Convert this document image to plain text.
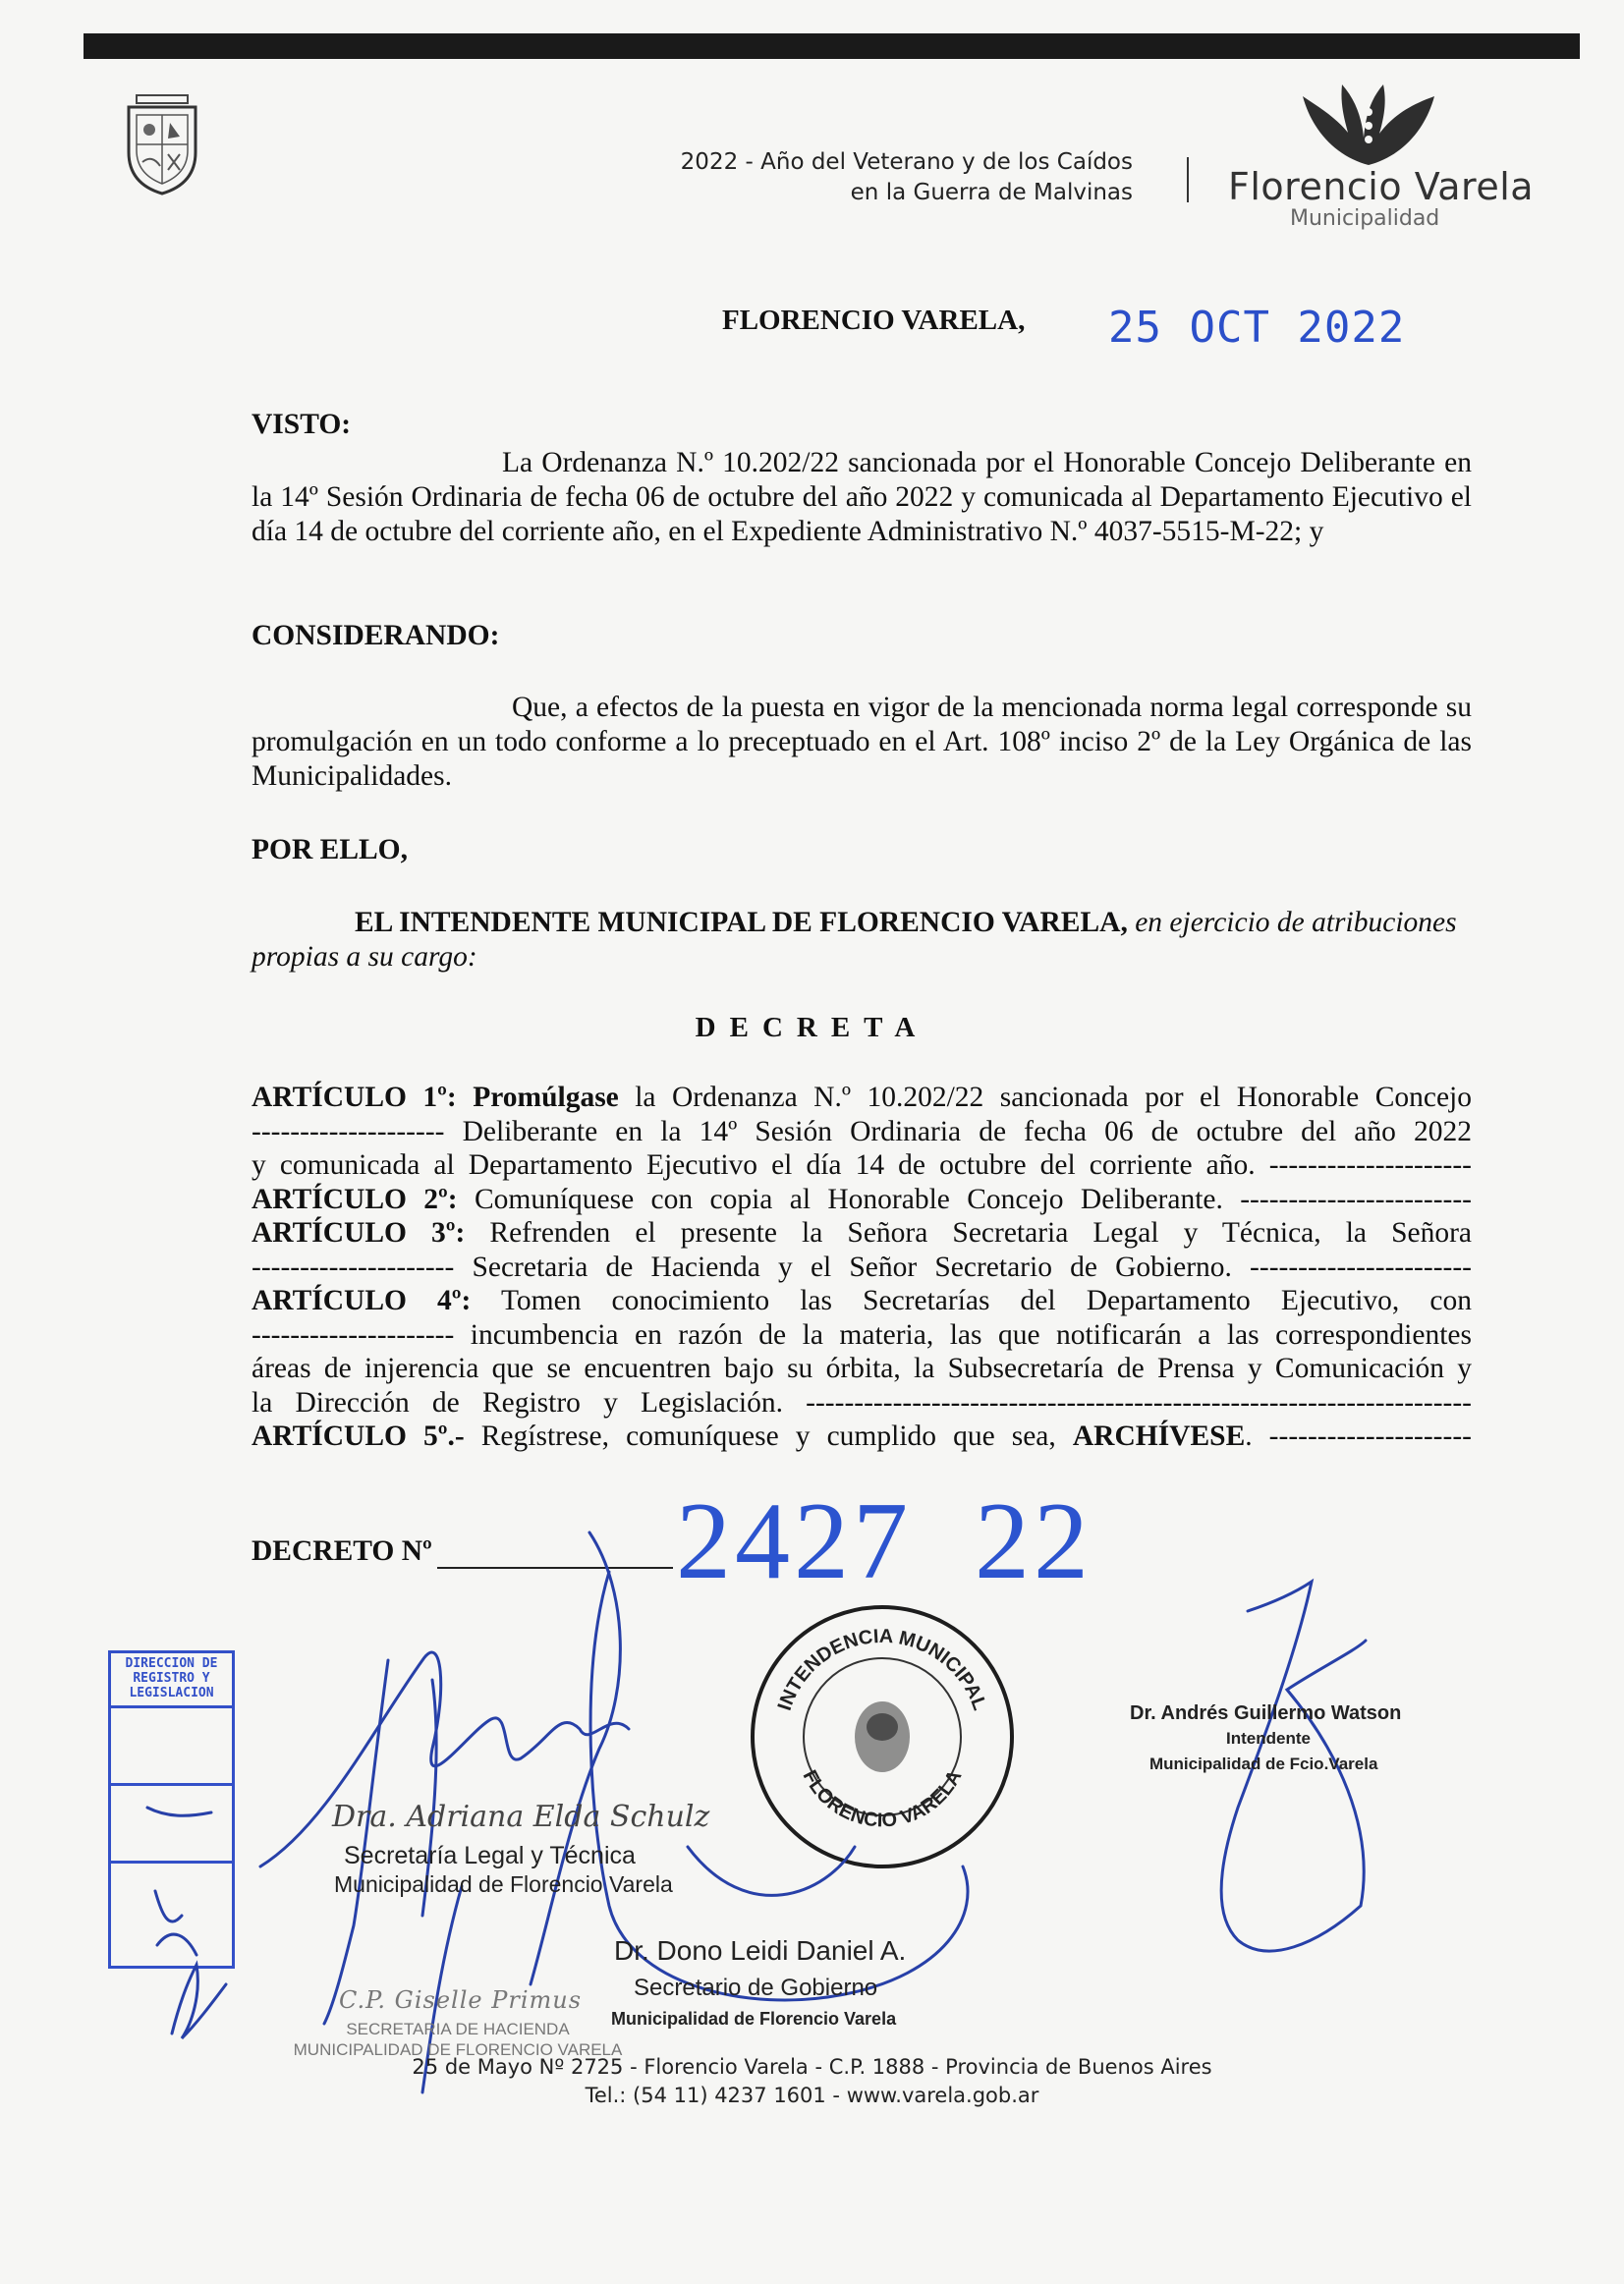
2022 - Año del Veterano y de los Caídos
en la Guerra de Malvinas	Florencio Varela
Municipalidad
FLORENCIO VARELA, 25 OCT 2022

VISTO:

La Ordenanza N.º 10.202/22 sancionada por el Honorable Concejo Deliberante en la 14º Sesión Ordinaria de fecha 06 de octubre del año 2022 y comunicada al Departamento Ejecutivo el día 14 de octubre del corriente año, en el Expediente Administrativo N.º 4037-5515-M-22; y

CONSIDERANDO:

Que, a efectos de la puesta en vigor de la mencionada norma legal corresponde su promulgación en un todo conforme a lo preceptuado en el Art. 108º inciso 2º de la Ley Orgánica de las Municipalidades.

POR ELLO,

EL INTENDENTE MUNICIPAL DE FLORENCIO VARELA, en ejercicio de atribuciones propias a su cargo:

DECRETA
ARTÍCULO 1º: Promúlgase la Ordenanza N.º 10.202/22 sancionada por el Honorable Concejo
-------------------- Deliberante en la 14º Sesión Ordinaria de fecha 06 de octubre del año 2022
y comunicada al Departamento Ejecutivo el día 14 de octubre del corriente año. ---------------------
ARTÍCULO 2º: Comuníquese con copia al Honorable Concejo Deliberante. ------------------------
ARTÍCULO 3º: Refrenden el presente la Señora Secretaria Legal y Técnica, la Señora
--------------------- Secretaria de Hacienda y el Señor Secretario de Gobierno. -----------------------
ARTÍCULO 4º: Tomen conocimiento las Secretarías del Departamento Ejecutivo, con
--------------------- incumbencia en razón de la materia, las que notificarán a las correspondientes
áreas de injerencia que se encuentren bajo su órbita, la Subsecretaría de Prensa y Comunicación y
la Dirección de Registro y Legislación. ---------------------------------------------------------------------
ARTÍCULO 5º.- Regístrese, comuníquese y cumplido que sea, ARCHÍVESE. ---------------------
DECRETO Nº 2427  22
DIRECCION DE
REGISTRO Y
LEGISLACION
INTENDENCIA MUNICIPAL
FLORENCIO VARELA
Dra. Adriana Elda Schulz
Secretaría Legal y Técnica
Municipalidad de Florencio Varela
Dr. Andrés Guillermo Watson
Intendente
Municipalidad de Fcio.Varela
Dr. Dono Leidi Daniel A.
Secretario de Gobierno
Municipalidad de Florencio Varela
C.P. Giselle Primus
SECRETARIA DE HACIENDA
MUNICIPALIDAD DE FLORENCIO VARELA
25 de Mayo Nº 2725 - Florencio Varela - C.P. 1888 - Provincia de Buenos Aires
Tel.: (54 11) 4237 1601 - www.varela.gob.ar
